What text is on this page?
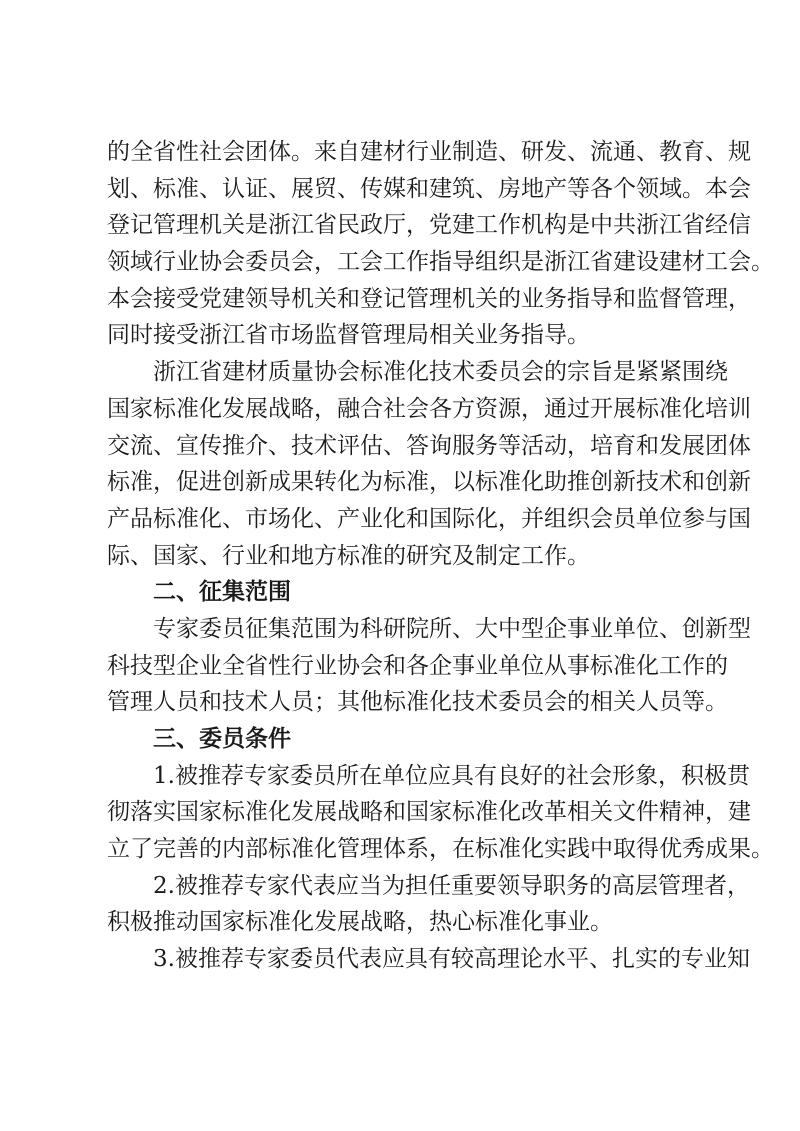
的全省性社会团体。来自建材行业制造、研发、流通、教育、规
划、标准、认证、展贸、传媒和建筑、房地产等各个领域。本会
登记管理机关是浙江省民政厅，党建工作机构是中共浙江省经信
领域行业协会委员会，工会工作指导组织是浙江省建设建材工会。
本会接受党建领导机关和登记管理机关的业务指导和监督管理，
同时接受浙江省市场监督管理局相关业务指导。
浙江省建材质量协会标准化技术委员会的宗旨是紧紧围绕
国家标准化发展战略，融合社会各方资源，通过开展标准化培训
交流、宣传推介、技术评估、答询服务等活动，培育和发展团体
标准，促进创新成果转化为标准，以标准化助推创新技术和创新
产品标准化、市场化、产业化和国际化，并组织会员单位参与国
际、国家、行业和地方标准的研究及制定工作。
二、征集范围
专家委员征集范围为科研院所、大中型企事业单位、创新型
科技型企业全省性行业协会和各企事业单位从事标准化工作的
管理人员和技术人员；其他标准化技术委员会的相关人员等。
三、委员条件
1.被推荐专家委员所在单位应具有良好的社会形象，积极贯
彻落实国家标准化发展战略和国家标准化改革相关文件精神，建
立了完善的内部标准化管理体系，在标准化实践中取得优秀成果。
2.被推荐专家代表应当为担任重要领导职务的高层管理者，
积极推动国家标准化发展战略，热心标准化事业。
3.被推荐专家委员代表应具有较高理论水平、扎实的专业知
